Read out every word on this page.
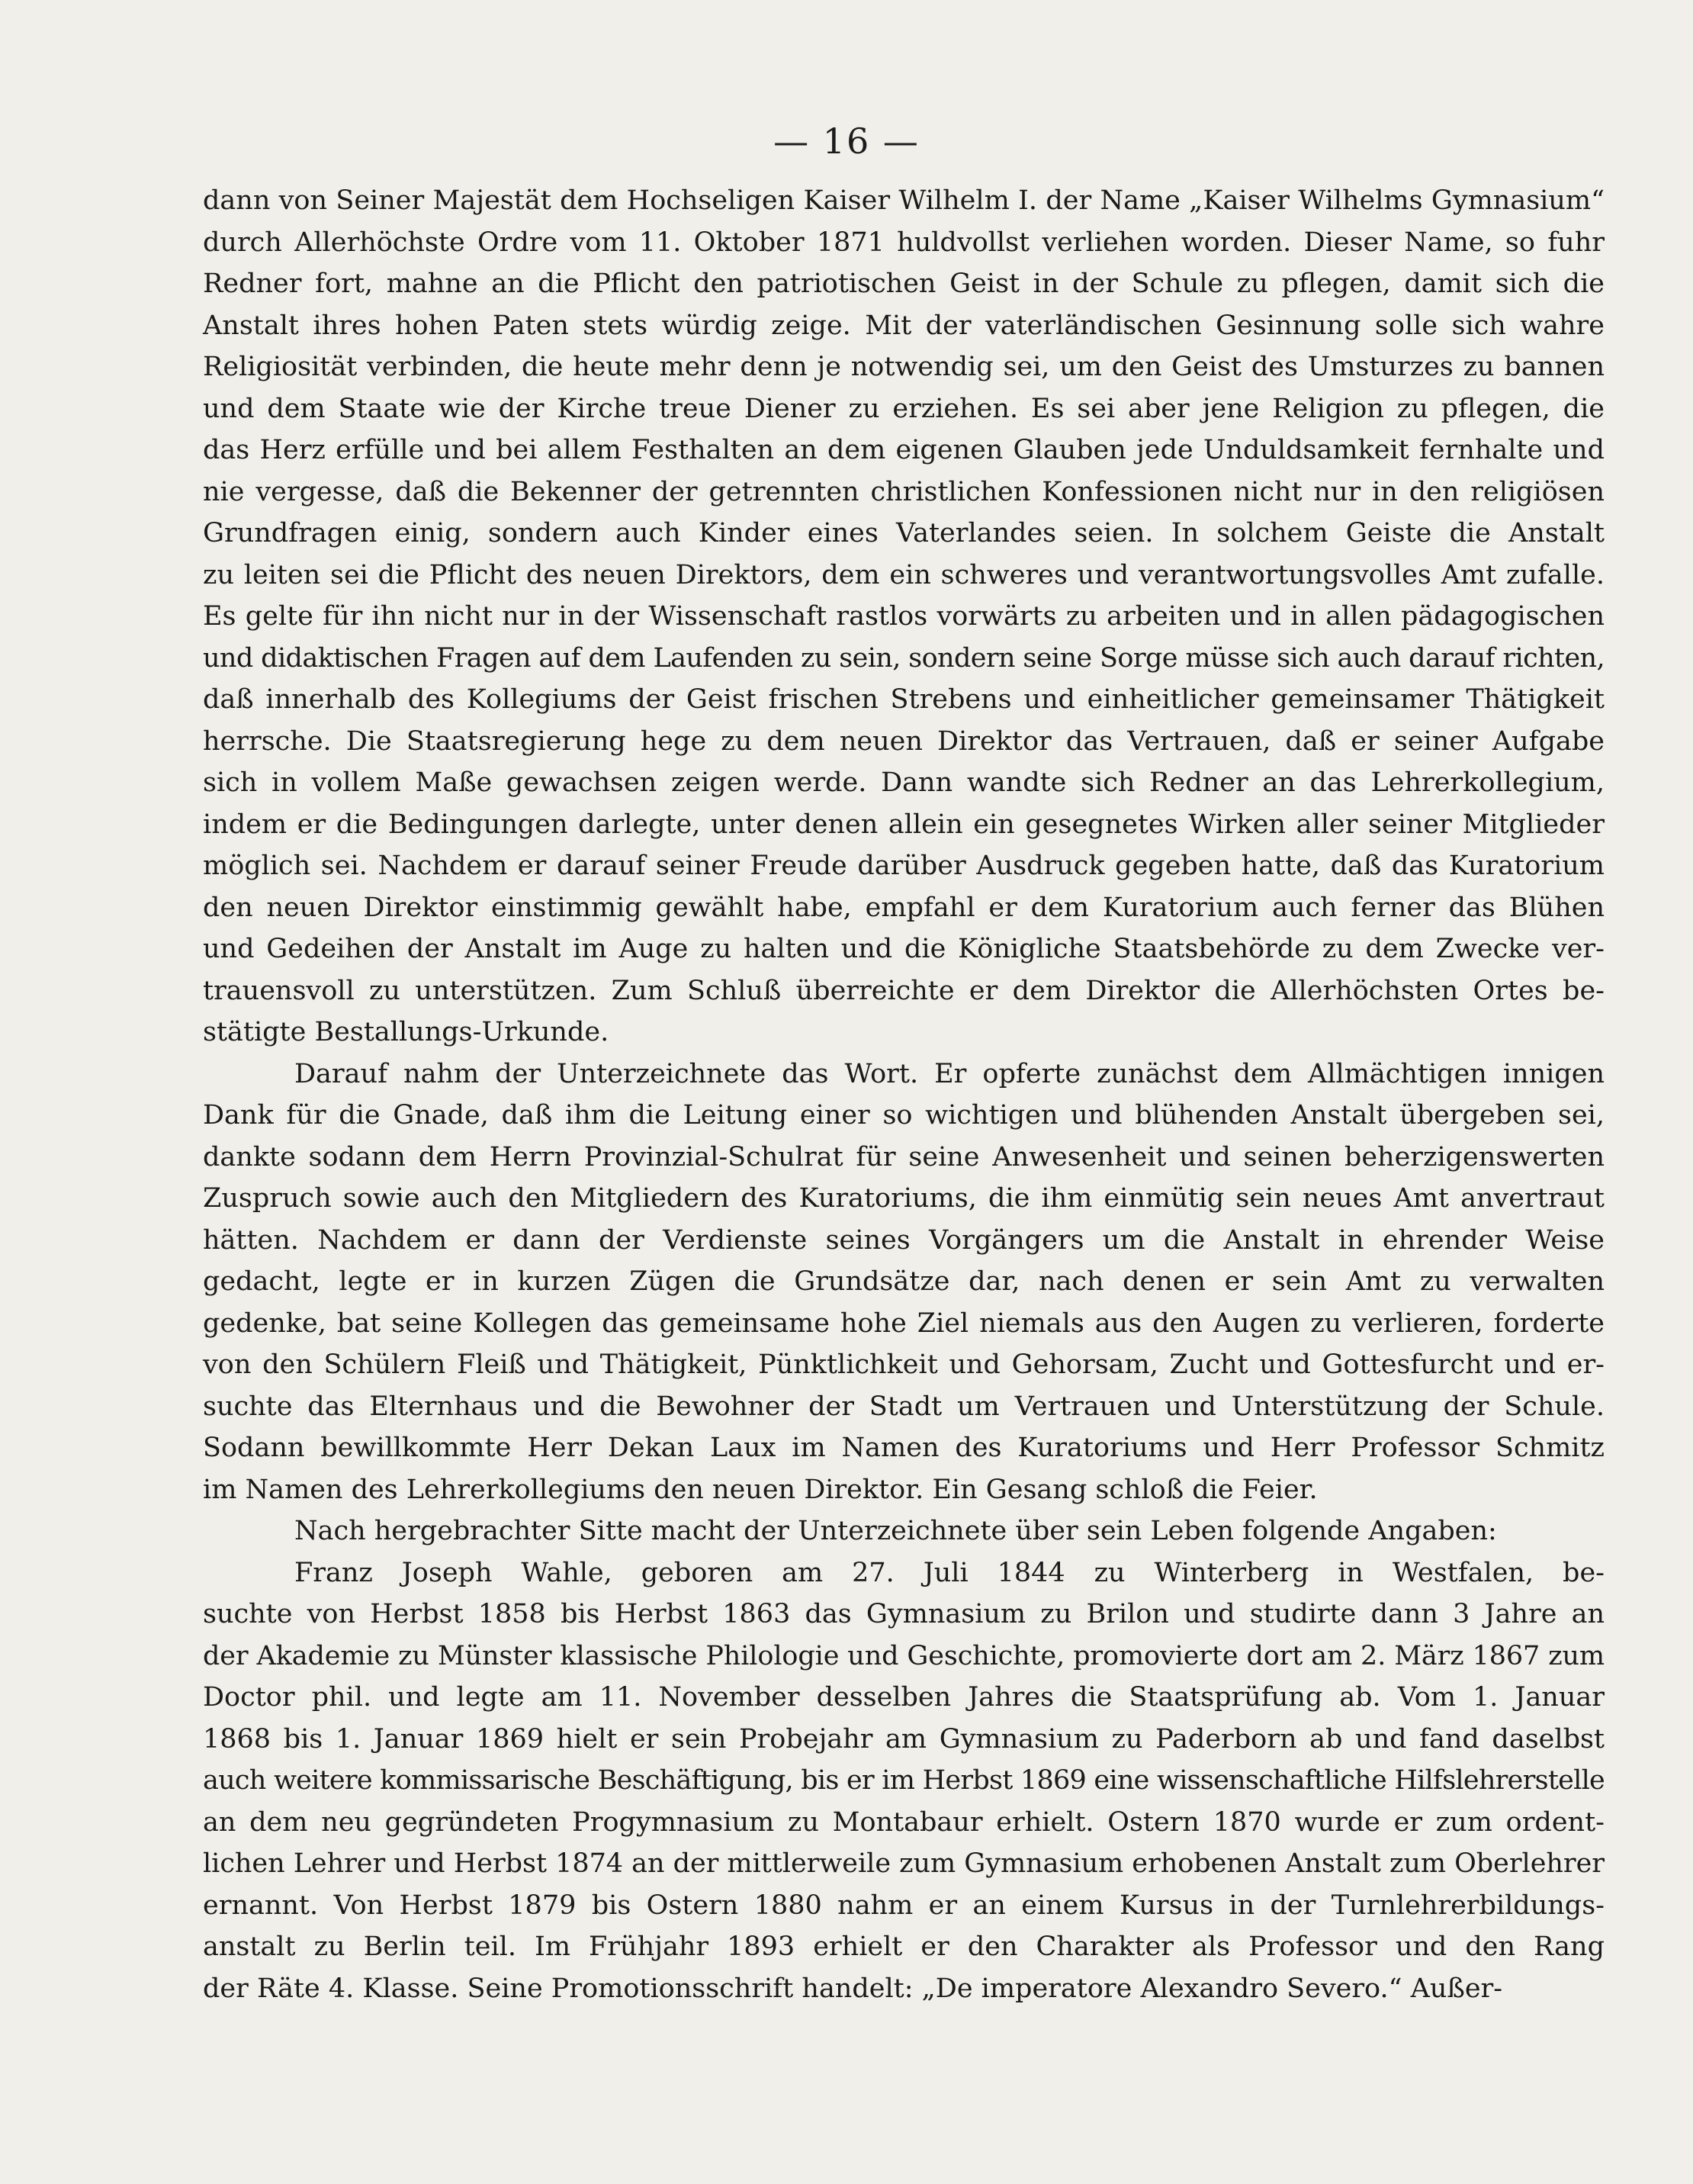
— 16 —
dann von Seiner Majestät dem Hochseligen Kaiser Wilhelm I. der Name „Kaiser Wilhelms Gymnasium“
durch Allerhöchste Ordre vom 11. Oktober 1871 huldvollst verliehen worden. Dieser Name, so fuhr
Redner fort, mahne an die Pflicht den patriotischen Geist in der Schule zu pflegen, damit sich die
Anstalt ihres hohen Paten stets würdig zeige. Mit der vaterländischen Gesinnung solle sich wahre
Religiosität verbinden, die heute mehr denn je notwendig sei, um den Geist des Umsturzes zu bannen
und dem Staate wie der Kirche treue Diener zu erziehen. Es sei aber jene Religion zu pflegen, die
das Herz erfülle und bei allem Festhalten an dem eigenen Glauben jede Unduldsamkeit fernhalte und
nie vergesse, daß die Bekenner der getrennten christlichen Konfessionen nicht nur in den religiösen
Grundfragen einig, sondern auch Kinder eines Vaterlandes seien. In solchem Geiste die Anstalt
zu leiten sei die Pflicht des neuen Direktors, dem ein schweres und verantwortungsvolles Amt zufalle.
Es gelte für ihn nicht nur in der Wissenschaft rastlos vorwärts zu arbeiten und in allen pädagogischen
und didaktischen Fragen auf dem Laufenden zu sein, sondern seine Sorge müsse sich auch darauf richten,
daß innerhalb des Kollegiums der Geist frischen Strebens und einheitlicher gemeinsamer Thätigkeit
herrsche. Die Staatsregierung hege zu dem neuen Direktor das Vertrauen, daß er seiner Aufgabe
sich in vollem Maße gewachsen zeigen werde. Dann wandte sich Redner an das Lehrerkollegium,
indem er die Bedingungen darlegte, unter denen allein ein gesegnetes Wirken aller seiner Mitglieder
möglich sei. Nachdem er darauf seiner Freude darüber Ausdruck gegeben hatte, daß das Kuratorium
den neuen Direktor einstimmig gewählt habe, empfahl er dem Kuratorium auch ferner das Blühen
und Gedeihen der Anstalt im Auge zu halten und die Königliche Staatsbehörde zu dem Zwecke ver-
trauensvoll zu unterstützen. Zum Schluß überreichte er dem Direktor die Allerhöchsten Ortes be-
stätigte Bestallungs-Urkunde.
Darauf nahm der Unterzeichnete das Wort. Er opferte zunächst dem Allmächtigen innigen
Dank für die Gnade, daß ihm die Leitung einer so wichtigen und blühenden Anstalt übergeben sei,
dankte sodann dem Herrn Provinzial-Schulrat für seine Anwesenheit und seinen beherzigenswerten
Zuspruch sowie auch den Mitgliedern des Kuratoriums, die ihm einmütig sein neues Amt anvertraut
hätten. Nachdem er dann der Verdienste seines Vorgängers um die Anstalt in ehrender Weise
gedacht, legte er in kurzen Zügen die Grundsätze dar, nach denen er sein Amt zu verwalten
gedenke, bat seine Kollegen das gemeinsame hohe Ziel niemals aus den Augen zu verlieren, forderte
von den Schülern Fleiß und Thätigkeit, Pünktlichkeit und Gehorsam, Zucht und Gottesfurcht und er-
suchte das Elternhaus und die Bewohner der Stadt um Vertrauen und Unterstützung der Schule.
Sodann bewillkommte Herr Dekan Laux im Namen des Kuratoriums und Herr Professor Schmitz
im Namen des Lehrerkollegiums den neuen Direktor. Ein Gesang schloß die Feier.
Nach hergebrachter Sitte macht der Unterzeichnete über sein Leben folgende Angaben:
Franz Joseph Wahle, geboren am 27. Juli 1844 zu Winterberg in Westfalen, be-
suchte von Herbst 1858 bis Herbst 1863 das Gymnasium zu Brilon und studirte dann 3 Jahre an
der Akademie zu Münster klassische Philologie und Geschichte, promovierte dort am 2. März 1867 zum
Doctor phil. und legte am 11. November desselben Jahres die Staatsprüfung ab. Vom 1. Januar
1868 bis 1. Januar 1869 hielt er sein Probejahr am Gymnasium zu Paderborn ab und fand daselbst
auch weitere kommissarische Beschäftigung, bis er im Herbst 1869 eine wissenschaftliche Hilfslehrerstelle
an dem neu gegründeten Progymnasium zu Montabaur erhielt. Ostern 1870 wurde er zum ordent-
lichen Lehrer und Herbst 1874 an der mittlerweile zum Gymnasium erhobenen Anstalt zum Oberlehrer
ernannt. Von Herbst 1879 bis Ostern 1880 nahm er an einem Kursus in der Turnlehrerbildungs-
anstalt zu Berlin teil. Im Frühjahr 1893 erhielt er den Charakter als Professor und den Rang
der Räte 4. Klasse. Seine Promotionsschrift handelt: „De imperatore Alexandro Severo.“ Außer-
